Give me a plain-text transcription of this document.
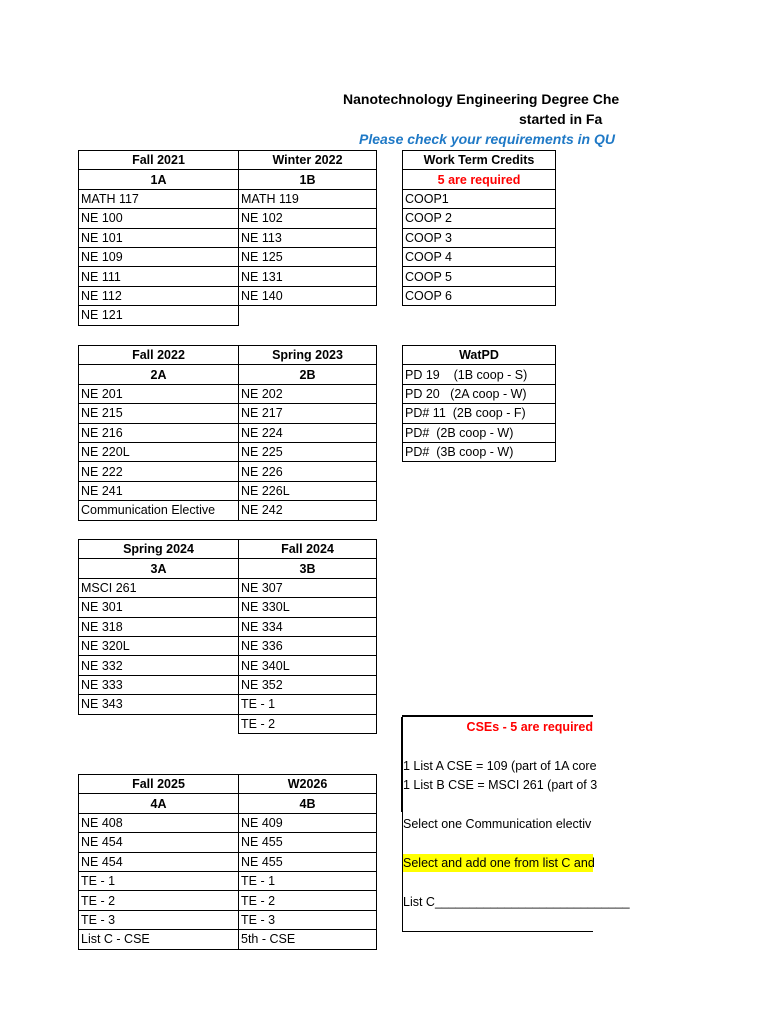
Nanotechnology Engineering Degree Che
started in Fa
Please check your requirements in QU
Fall 2021	Winter 2022
1A	1B
MATH 117	MATH 119
NE 100	NE 102
NE 101	NE 113
NE 109	NE 125
NE 111	NE 131
NE 112	NE 140
NE 121	
Work Term Credits
5 are required
COOP1
COOP 2
COOP 3
COOP 4
COOP 5
COOP 6
Fall 2022	Spring 2023
2A	2B
NE 201	NE 202
NE 215	NE 217
NE 216	NE 224
NE 220L	NE 225
NE 222	NE 226
NE 241	NE 226L
Communication Elective	NE 242
WatPD
PD 19    (1B coop - S)
PD 20   (2A coop - W)
PD# 11  (2B coop - F)
PD#  (2B coop - W)
PD#  (3B coop - W)
Spring 2024	Fall 2024
3A	3B
MSCI 261	NE 307
NE 301	NE 330L
NE 318	NE 334
NE 320L	NE 336
NE 332	NE 340L
NE 333	NE 352
NE 343	TE - 1
	TE - 2	CSEs - 5 are required
1 List A CSE = 109 (part of 1A core
1 List B CSE = MSCI 261 (part of 3
Select one Communication electiv
Select and add one from list C and
List C____________________________
Fall 2025	W2026
4A	4B
NE 408	NE 409
NE 454	NE 455
NE 454	NE 455
TE - 1	TE - 1
TE - 2	TE - 2
TE - 3	TE - 3
List C - CSE	5th - CSE
